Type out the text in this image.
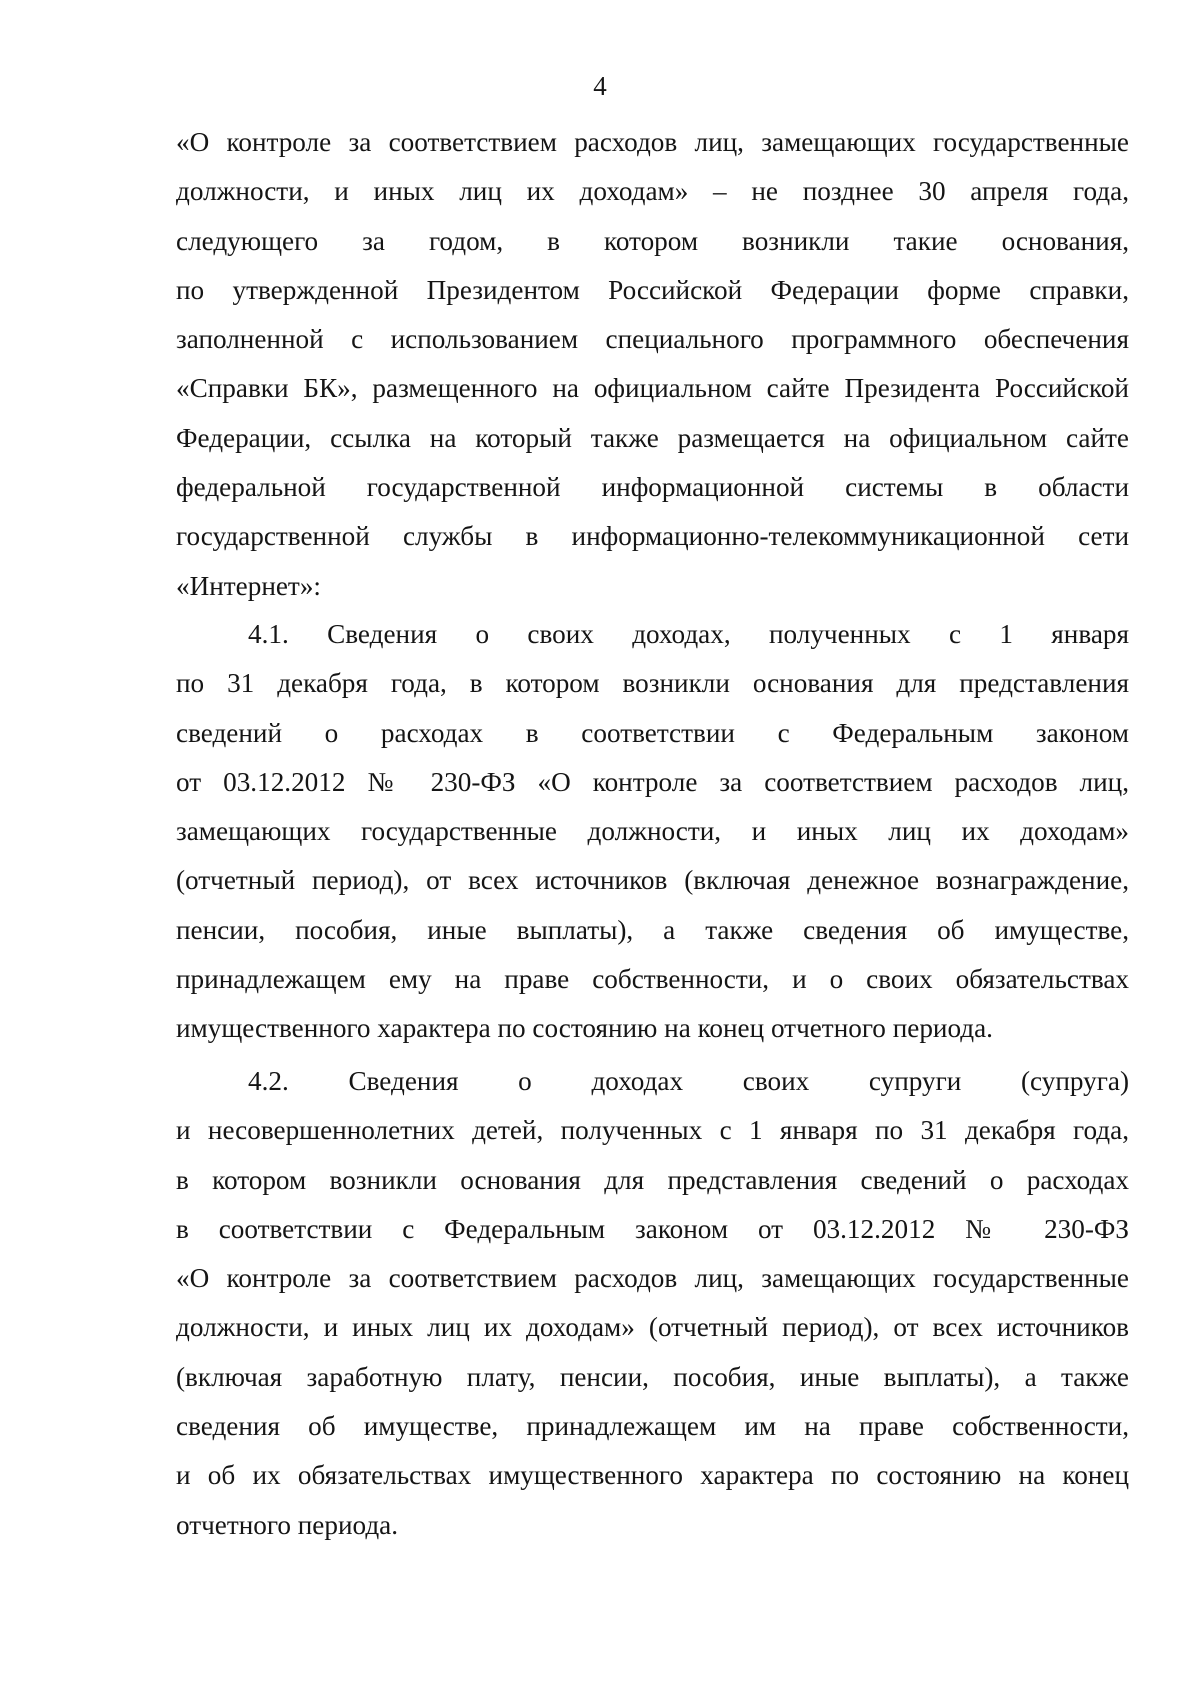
4
«О контроле за соответствием расходов лиц, замещающих государственные
должности, и иных лиц их доходам» – не позднее 30 апреля года,
следующего за годом, в котором возникли такие основания,
по утвержденной Президентом Российской Федерации форме справки,
заполненной с использованием специального программного обеспечения
«Справки БК», размещенного на официальном сайте Президента Российской
Федерации, ссылка на который также размещается на официальном сайте
федеральной государственной информационной системы в области
государственной службы в информационно-телекоммуникационной сети
«Интернет»:
4.1. Сведения о своих доходах, полученных с 1 января
по 31 декабря года, в котором возникли основания для представления
сведений о расходах в соответствии с Федеральным законом
от 03.12.2012 № 230-ФЗ «О контроле за соответствием расходов лиц,
замещающих государственные должности, и иных лиц их доходам»
(отчетный период), от всех источников (включая денежное вознаграждение,
пенсии, пособия, иные выплаты), а также сведения об имуществе,
принадлежащем ему на праве собственности, и о своих обязательствах
имущественного характера по состоянию на конец отчетного периода.
4.2. Сведения о доходах своих супруги (супруга)
и несовершеннолетних детей, полученных с 1 января по 31 декабря года,
в котором возникли основания для представления сведений о расходах
в соответствии с Федеральным законом от 03.12.2012 № 230-ФЗ
«О контроле за соответствием расходов лиц, замещающих государственные
должности, и иных лиц их доходам» (отчетный период), от всех источников
(включая заработную плату, пенсии, пособия, иные выплаты), а также
сведения об имуществе, принадлежащем им на праве собственности,
и об их обязательствах имущественного характера по состоянию на конец
отчетного периода.
